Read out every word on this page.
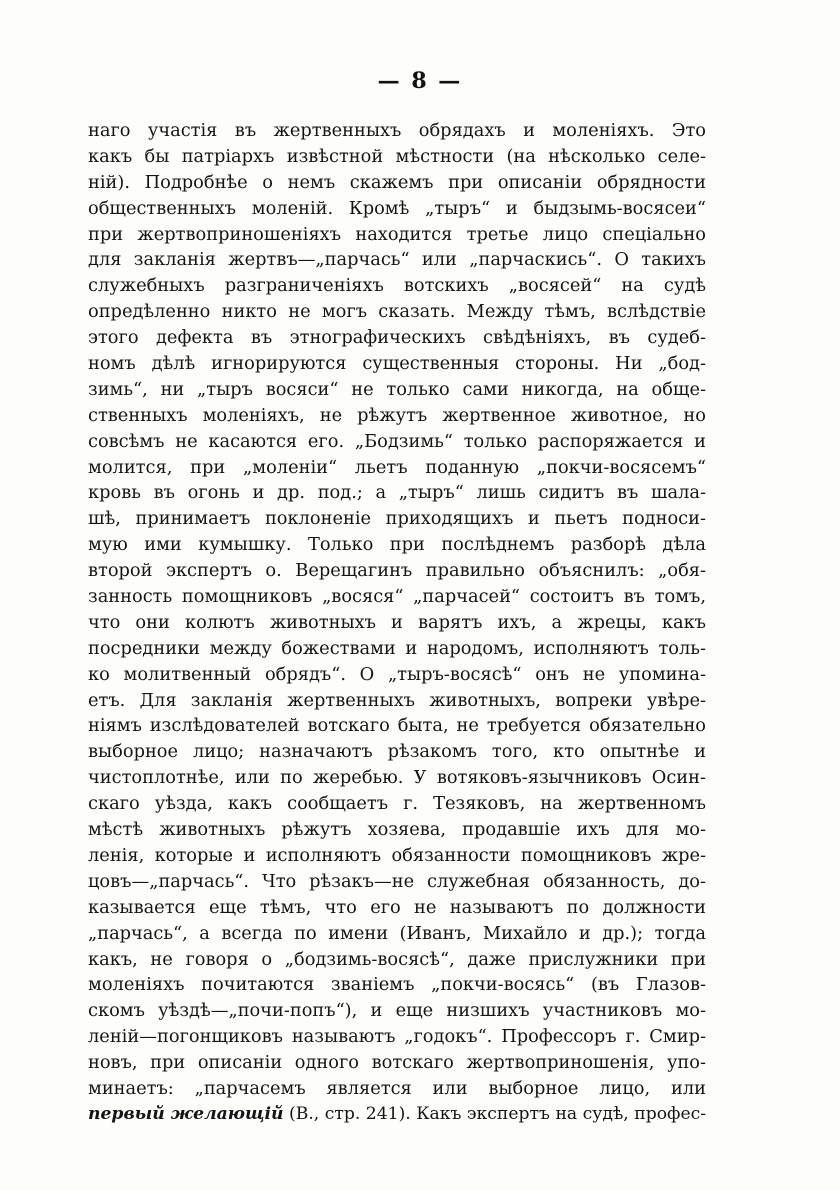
— 8 —
наго участія въ жертвенныхъ обрядахъ и моленіяхъ. Это
какъ бы патріархъ извѣстной мѣстности (на нѣсколько селе-
ній). Подробнѣе о немъ скажемъ при описаніи обрядности
общественныхъ моленій. Кромѣ „тыръ“ и быдзымь-восясеи“
при жертвоприношеніяхъ находится третье лицо спеціально
для закланія жертвъ—„парчась“ или „парчаскись“. О такихъ
служебныхъ разграниченіяхъ вотскихъ „восясей“ на судѣ
опредѣленно никто не могъ сказать. Между тѣмъ, вслѣдствіе
этого дефекта въ этнографическихъ свѣдѣніяхъ, въ судеб-
номъ дѣлѣ игнорируются существенныя стороны. Ни „бод-
зимь“, ни „тыръ восяси“ не только сами никогда, на обще-
ственныхъ моленіяхъ, не рѣжутъ жертвенное животное, но
совсѣмъ не касаются его. „Бодзимь“ только распоряжается и
молится, при „моленіи“ льетъ поданную „покчи-восясемъ“
кровь въ огонь и др. под.; а „тыръ“ лишь сидитъ въ шала-
шѣ, принимаетъ поклоненіе приходящихъ и пьетъ подноси-
мую ими кумышку. Только при послѣднемъ разборѣ дѣла
второй экспертъ о. Верещагинъ правильно объяснилъ: „обя-
занность помощниковъ „восяся“ „парчасей“ состоитъ въ томъ,
что они колютъ животныхъ и варятъ ихъ, а жрецы, какъ
посредники между божествами и народомъ, исполняютъ толь-
ко молитвенный обрядъ“. О „тыръ-восясѣ“ онъ не упомина-
етъ. Для закланія жертвенныхъ животныхъ, вопреки увѣре-
ніямъ изслѣдователей вотскаго быта, не требуется обязательно
выборное лицо; назначаютъ рѣзакомъ того, кто опытнѣе и
чистоплотнѣе, или по жеребью. У вотяковъ-язычниковъ Осин-
скаго уѣзда, какъ сообщаетъ г. Тезяковъ, на жертвенномъ
мѣстѣ животныхъ рѣжутъ хозяева, продавшіе ихъ для мо-
ленія, которые и исполняютъ обязанности помощниковъ жре-
цовъ—„парчась“. Что рѣзакъ—не служебная обязанность, до-
казывается еще тѣмъ, что его не называютъ по должности
„парчась“, а всегда по имени (Иванъ, Михайло и др.); тогда
какъ, не говоря о „бодзимь-восясѣ“, даже прислужники при
моленіяхъ почитаются званіемъ „покчи-восясь“ (въ Глазов-
скомъ уѣздѣ—„почи-попъ“), и еще низшихъ участниковъ мо-
леній—погонщиковъ называютъ „годокъ“. Профессоръ г. Смир-
новъ, при описаніи одного вотскаго жертвоприношенія, упо-
минаетъ: „парчасемъ является или выборное лицо, или
первый желающій (В., стр. 241). Какъ экспертъ на судѣ, профес-
